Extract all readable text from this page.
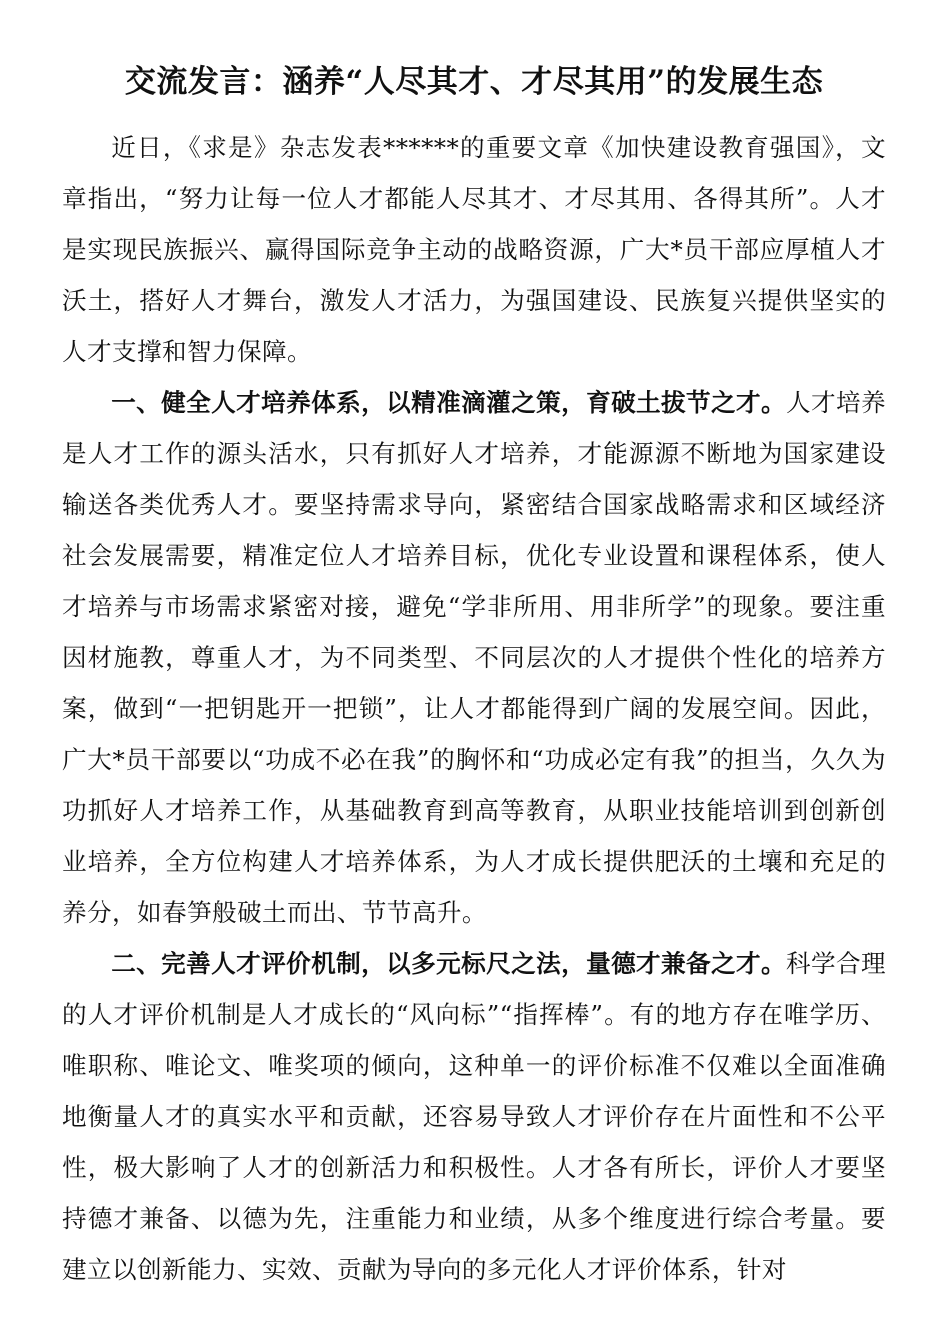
交流发言：涵养“人尽其才、才尽其用”的发展生态

近日，《求是》杂志发表******的重要文章《加快建设教育强国》，文章指出，“努力让每一位人才都能人尽其才、才尽其用、各得其所”。人才是实现民族振兴、赢得国际竞争主动的战略资源，广大*员干部应厚植人才沃土，搭好人才舞台，激发人才活力，为强国建设、民族复兴提供坚实的人才支撑和智力保障。

一、健全人才培养体系，以精准滴灌之策，育破土拔节之才。人才培养是人才工作的源头活水，只有抓好人才培养，才能源源不断地为国家建设输送各类优秀人才。要坚持需求导向，紧密结合国家战略需求和区域经济社会发展需要，精准定位人才培养目标，优化专业设置和课程体系，使人才培养与市场需求紧密对接，避免“学非所用、用非所学”的现象。要注重因材施教，尊重人才，为不同类型、不同层次的人才提供个性化的培养方案，做到“一把钥匙开一把锁”，让人才都能得到广阔的发展空间。因此，广大*员干部要以“功成不必在我”的胸怀和“功成必定有我”的担当，久久为功抓好人才培养工作，从基础教育到高等教育，从职业技能培训到创新创业培养，全方位构建人才培养体系，为人才成长提供肥沃的土壤和充足的养分，如春笋般破土而出、节节高升。

二、完善人才评价机制，以多元标尺之法，量德才兼备之才。科学合理的人才评价机制是人才成长的“风向标”“指挥棒”。有的地方存在唯学历、唯职称、唯论文、唯奖项的倾向，这种单一的评价标准不仅难以全面准确地衡量人才的真实水平和贡献，还容易导致人才评价存在片面性和不公平性，极大影响了人才的创新活力和积极性。人才各有所长，评价人才要坚持德才兼备、以德为先，注重能力和业绩，从多个维度进行综合考量。要建立以创新能力、实效、贡献为导向的多元化人才评价体系，针对
